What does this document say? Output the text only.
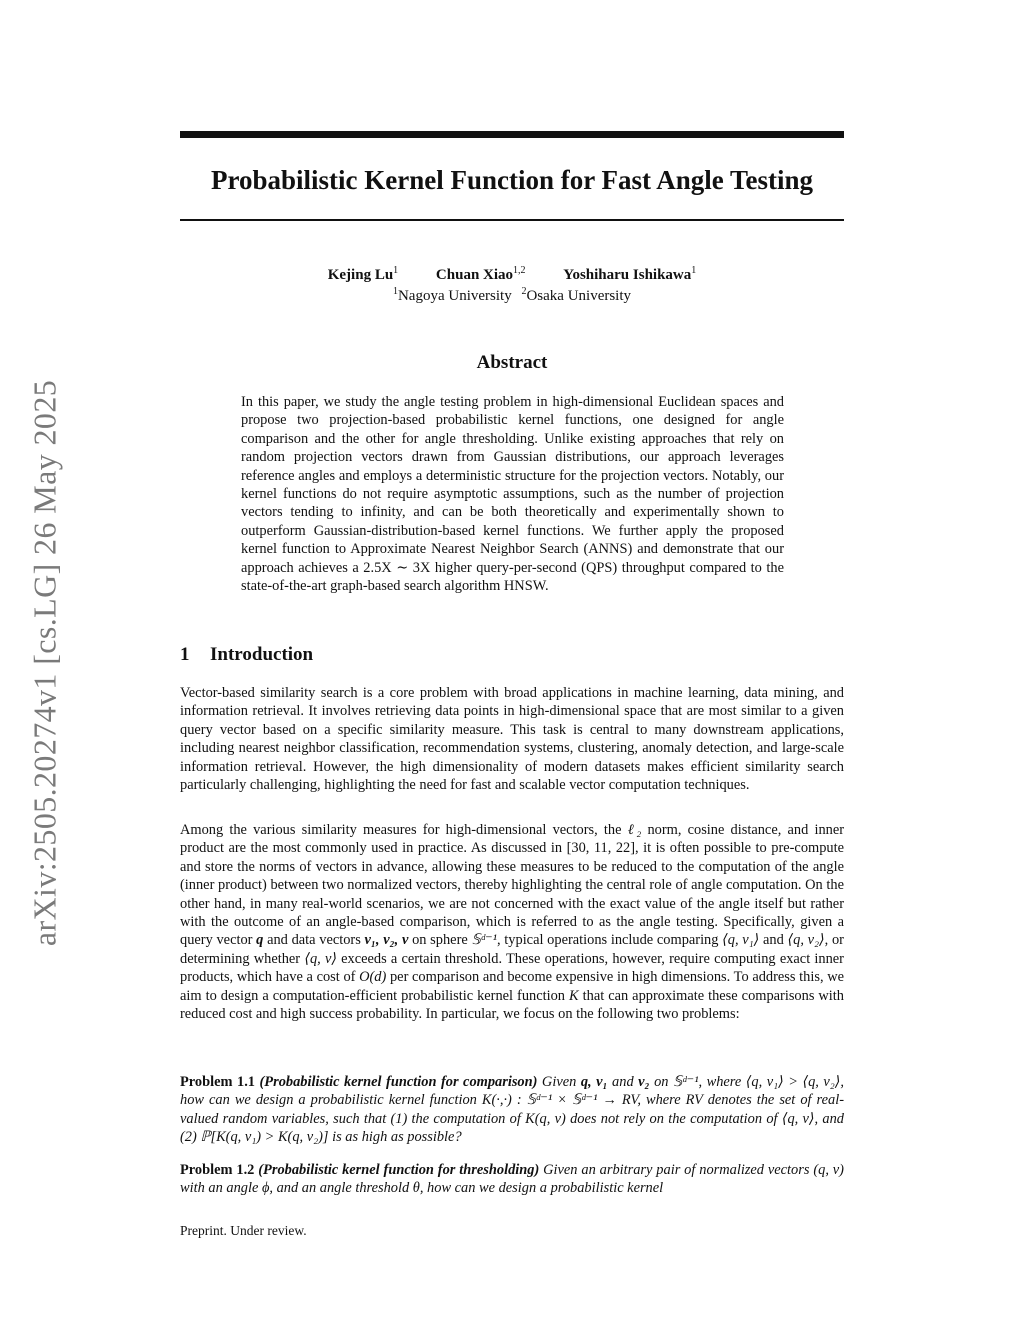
arXiv:2505.20274v1 [cs.LG] 26 May 2025
Probabilistic Kernel Function for Fast Angle Testing
Kejing Lu$^1$	Chuan Xiao$^{1,2}$	Yoshiharu Ishikawa$^1$
$^1$Nagoya University $^2$Osaka University
Abstract

In this paper, we study the angle testing problem in high-dimensional Euclidean spaces and propose two projection-based probabilistic kernel functions, one designed for angle comparison and the other for angle thresholding. Unlike existing approaches that rely on random projection vectors drawn from Gaussian distributions, our approach leverages reference angles and employs a deterministic structure for the projection vectors. Notably, our kernel functions do not require asymptotic assumptions, such as the number of projection vectors tending to infinity, and can be both theoretically and experimentally shown to outperform Gaussian-distribution-based kernel functions. We further apply the proposed kernel function to Approximate Nearest Neighbor Search (ANNS) and demonstrate that our approach achieves a 2.5X ∼ 3X higher query-per-second (QPS) throughput compared to the state-of-the-art graph-based search algorithm HNSW.

1 Introduction

Vector-based similarity search is a core problem with broad applications in machine learning, data mining, and information retrieval. It involves retrieving data points in high-dimensional space that are most similar to a given query vector based on a specific similarity measure. This task is central to many downstream applications, including nearest neighbor classification, recommendation systems, clustering, anomaly detection, and large-scale information retrieval. However, the high dimensionality of modern datasets makes efficient similarity search particularly challenging, highlighting the need for fast and scalable vector computation techniques.

Among the various similarity measures for high-dimensional vectors, the ℓ₂ norm, cosine distance, and inner product are the most commonly used in practice. As discussed in [30, 11, 22], it is often possible to pre-compute and store the norms of vectors in advance, allowing these measures to be reduced to the computation of the angle (inner product) between two normalized vectors, thereby highlighting the central role of angle computation. On the other hand, in many real-world scenarios, we are not concerned with the exact value of the angle itself but rather with the outcome of an angle-based comparison, which is referred to as the angle testing. Specifically, given a query vector q and data vectors v₁, v₂, v on sphere 𝕊ᵈ⁻¹, typical operations include comparing ⟨q, v₁⟩ and ⟨q, v₂⟩, or determining whether ⟨q, v⟩ exceeds a certain threshold. These operations, however, require computing exact inner products, which have a cost of O(d) per comparison and become expensive in high dimensions. To address this, we aim to design a computation-efficient probabilistic kernel function K that can approximate these comparisons with reduced cost and high success probability. In particular, we focus on the following two problems:

Problem 1.1 (Probabilistic kernel function for comparison) Given q, v₁ and v₂ on 𝕊ᵈ⁻¹, where ⟨q, v₁⟩ > ⟨q, v₂⟩, how can we design a probabilistic kernel function K(·,·) : 𝕊ᵈ⁻¹ × 𝕊ᵈ⁻¹ → RV, where RV denotes the set of real-valued random variables, such that (1) the computation of K(q, v) does not rely on the computation of ⟨q, v⟩, and (2) ℙ[K(q, v₁) > K(q, v₂)] is as high as possible?

Problem 1.2 (Probabilistic kernel function for thresholding) Given an arbitrary pair of normalized vectors (q, v) with an angle ϕ, and an angle threshold θ, how can we design a probabilistic kernel

Preprint. Under review.
